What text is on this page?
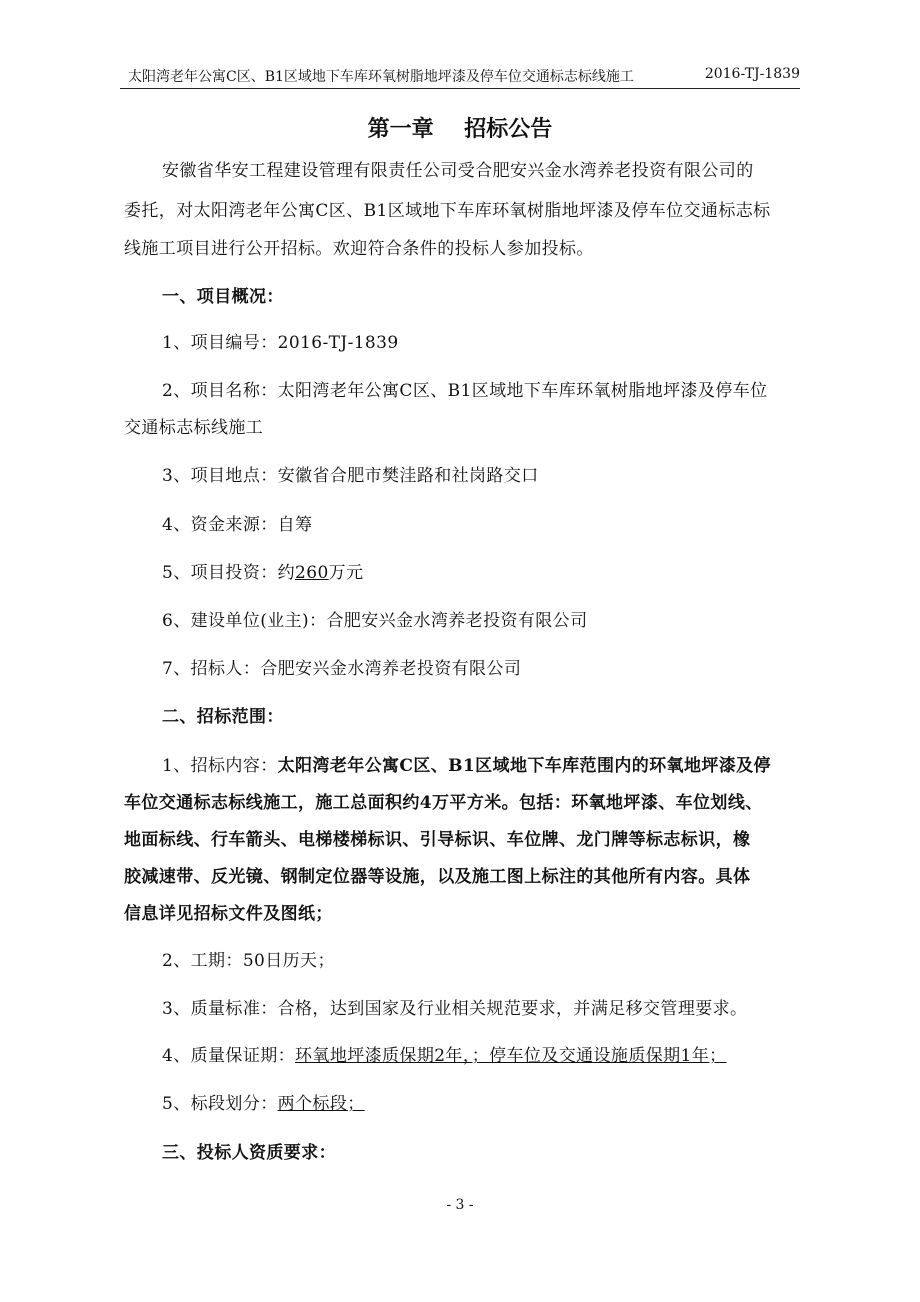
太阳湾老年公寓C区、B1区域地下车库环氧树脂地坪漆及停车位交通标志标线施工	2016-TJ-1839
第一章    招标公告
安徽省华安工程建设管理有限责任公司受合肥安兴金水湾养老投资有限公司的
委托，对太阳湾老年公寓C区、B1区域地下车库环氧树脂地坪漆及停车位交通标志标
线施工项目进行公开招标。欢迎符合条件的投标人参加投标。
一、项目概况：
1、项目编号：2016-TJ-1839
2、项目名称：太阳湾老年公寓C区、B1区域地下车库环氧树脂地坪漆及停车位
交通标志标线施工
3、项目地点：安徽省合肥市樊洼路和社岗路交口
4、资金来源：自筹
5、项目投资：约260万元
6、建设单位(业主)：合肥安兴金水湾养老投资有限公司
7、招标人：合肥安兴金水湾养老投资有限公司
二、招标范围：
1、招标内容：太阳湾老年公寓C区、B1区域地下车库范围内的环氧地坪漆及停
车位交通标志标线施工，施工总面积约4万平方米。包括：环氧地坪漆、车位划线、
地面标线、行车箭头、电梯楼梯标识、引导标识、车位牌、龙门牌等标志标识，橡
胶减速带、反光镜、钢制定位器等设施，以及施工图上标注的其他所有内容。具体
信息详见招标文件及图纸；
2、工期：50日历天；
3、质量标准：合格，达到国家及行业相关规范要求，并满足移交管理要求。
4、质量保证期：环氧地坪漆质保期2年，；停车位及交通设施质保期1年；
5、标段划分：两个标段；
三、投标人资质要求：
- 3 -
